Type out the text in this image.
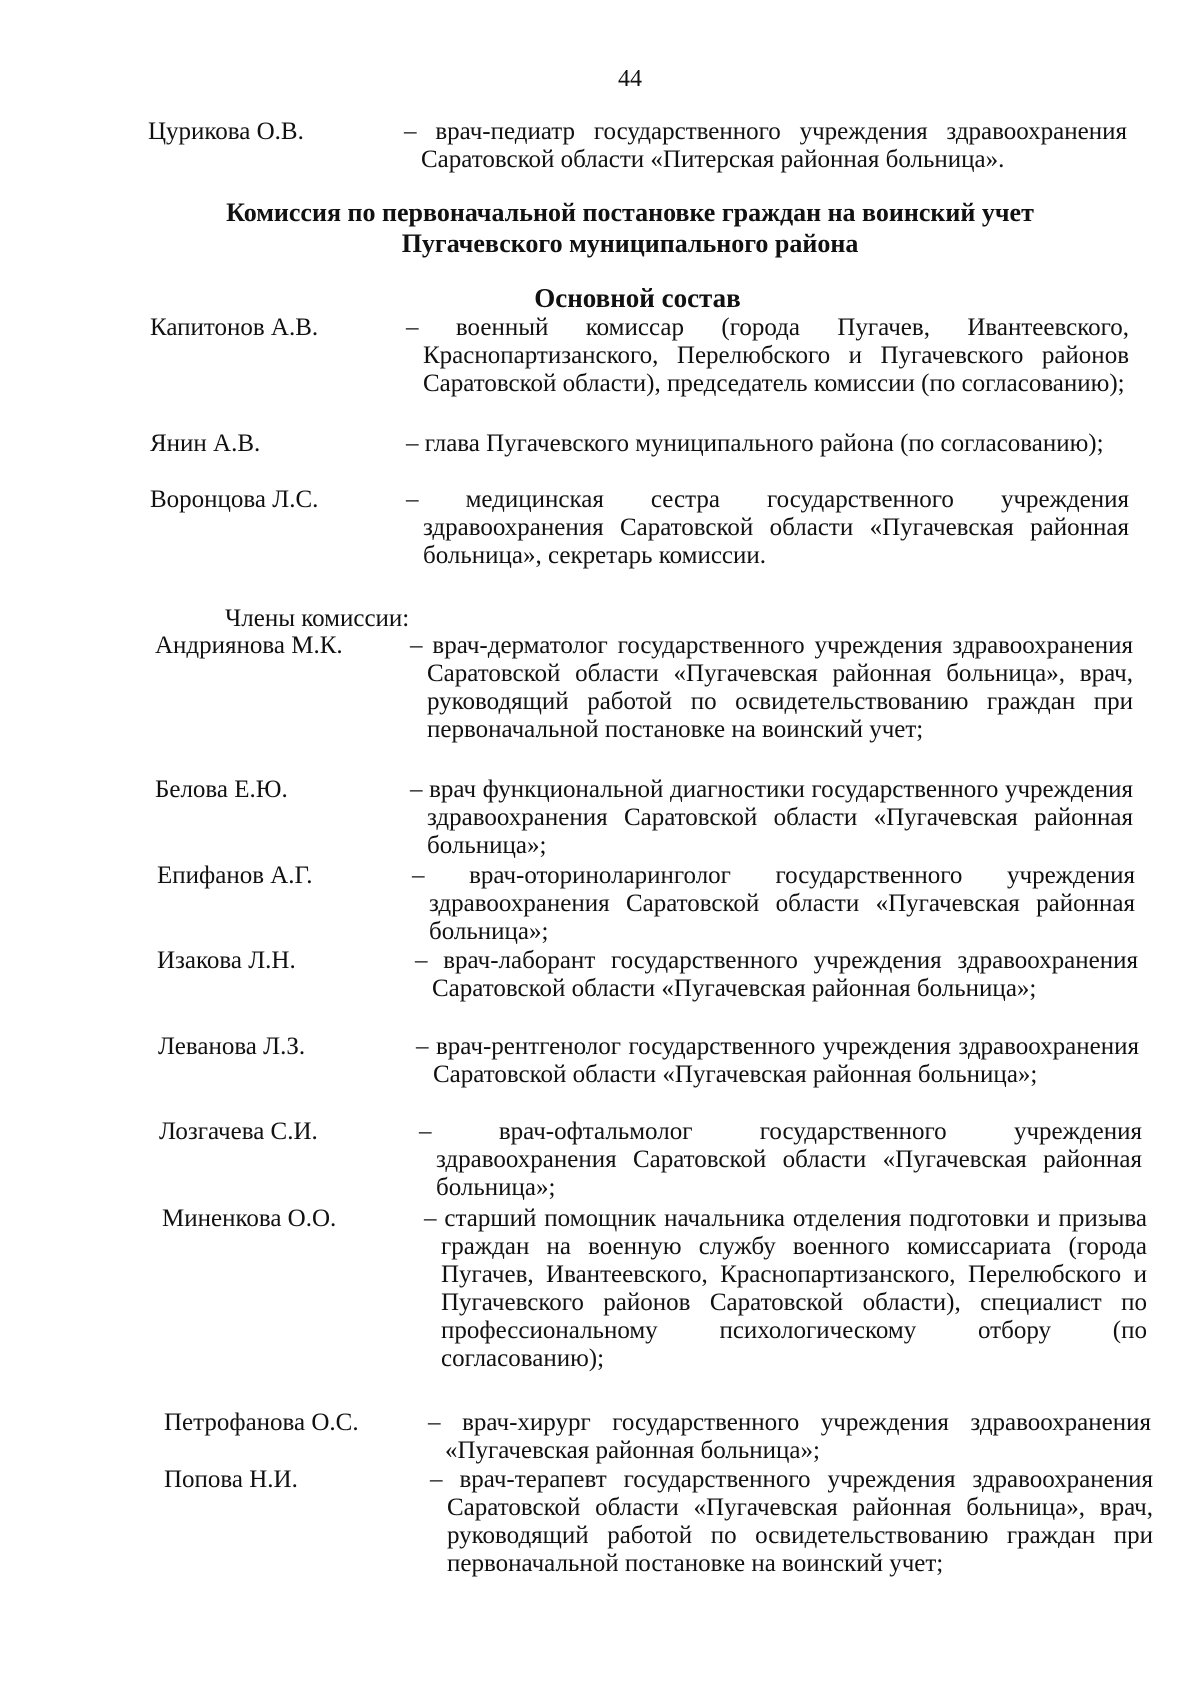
44
Цурикова О.В.	– врач-педиатр государственного учреждения здравоохранения Саратовской области «Питерская районная больница».
Комиссия по первоначальной постановке граждан на воинский учет
Пугачевского муниципального района
Основной состав
Капитонов А.В.	– военный комиссар (города Пугачев, Ивантеевского, Краснопартизанского, Перелюбского и Пугачевского районов Саратовской области), председатель комиссии (по согласованию);
Янин А.В.	– глава Пугачевского муниципального района (по согласованию);
Воронцова Л.С.	– медицинская сестра государственного учреждения здравоохранения Саратовской области «Пугачевская районная больница», секретарь комиссии.
Члены комиссии:
Андриянова М.К.	– врач-дерматолог государственного учреждения здравоохранения Саратовской области «Пугачевская районная больница», врач, руководящий работой по освидетельствованию граждан при первоначальной постановке на воинский учет;
Белова Е.Ю.	– врач функциональной диагностики государственного учреждения здравоохранения Саратовской области «Пугачевская районная больница»;
Епифанов А.Г.	– врач-оториноларинголог государственного учреждения здравоохранения Саратовской области «Пугачевская районная больница»;
Изакова Л.Н.	– врач-лаборант государственного учреждения здравоохранения Саратовской области «Пугачевская районная больница»;
Леванова Л.З.	– врач-рентгенолог государственного учреждения здравоохранения Саратовской области «Пугачевская районная больница»;
Лозгачева С.И.	– врач-офтальмолог государственного учреждения здравоохранения Саратовской области «Пугачевская районная больница»;
Миненкова О.О.	– старший помощник начальника отделения подготовки и призыва граждан на военную службу военного комиссариата (города Пугачев, Ивантеевского, Краснопартизанского, Перелюбского и Пугачевского районов Саратовской области), специалист по профессиональному психологическому отбору (по согласованию);
Петрофанова О.С.	– врач-хирург государственного учреждения здравоохранения «Пугачевская районная больница»;
Попова Н.И.	– врач-терапевт государственного учреждения здравоохранения Саратовской области «Пугачевская районная больница», врач, руководящий работой по освидетельствованию граждан при первоначальной постановке на воинский учет;
